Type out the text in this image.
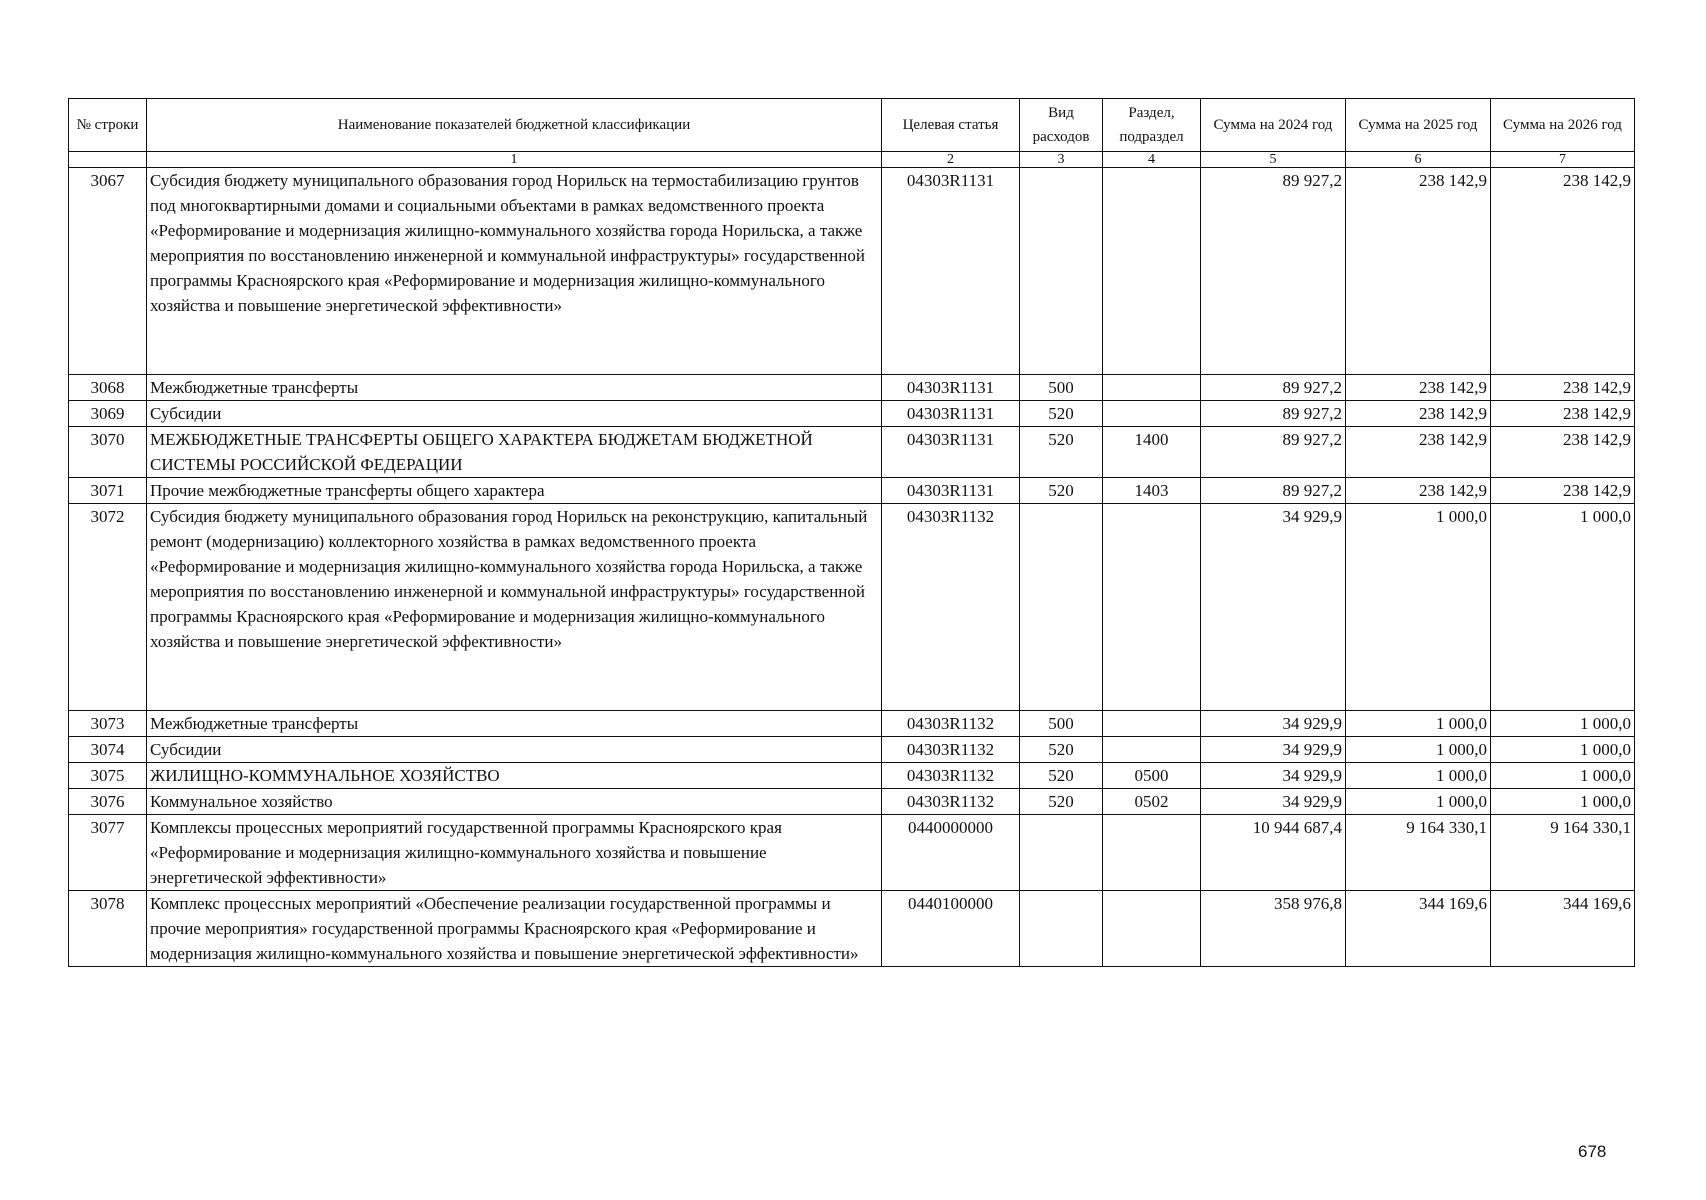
№ строки	Наименование показателей бюджетной классификации	Целевая статья	Вид расходов	Раздел, подраздел	Сумма на 2024 год	Сумма на 2025 год	Сумма на 2026 год
	1	2	3	4	5	6	7
3067	Субсидия бюджету муниципального образования город Норильск на термостабилизацию грунтов под многоквартирными домами и социальными объектами в рамках ведомственного проекта «Реформирование и модернизация жилищно-коммунального хозяйства города Норильска, а также мероприятия по восстановлению инженерной и коммунальной инфраструктуры» государственной программы Красноярского края «Реформирование и модернизация жилищно-коммунального хозяйства и повышение энергетической эффективности»	04303R1131			89 927,2	238 142,9	238 142,9
3068	Межбюджетные трансферты	04303R1131	500		89 927,2	238 142,9	238 142,9
3069	Субсидии	04303R1131	520		89 927,2	238 142,9	238 142,9
3070	МЕЖБЮДЖЕТНЫЕ ТРАНСФЕРТЫ ОБЩЕГО ХАРАКТЕРА БЮДЖЕТАМ БЮДЖЕТНОЙ СИСТЕМЫ РОССИЙСКОЙ ФЕДЕРАЦИИ	04303R1131	520	1400	89 927,2	238 142,9	238 142,9
3071	Прочие межбюджетные трансферты общего характера	04303R1131	520	1403	89 927,2	238 142,9	238 142,9
3072	Субсидия бюджету муниципального образования город Норильск на реконструкцию, капитальный ремонт (модернизацию) коллекторного хозяйства в рамках ведомственного проекта «Реформирование и модернизация жилищно-коммунального хозяйства города Норильска, а также мероприятия по восстановлению инженерной и коммунальной инфраструктуры» государственной программы Красноярского края «Реформирование и модернизация жилищно-коммунального хозяйства и повышение энергетической эффективности»	04303R1132			34 929,9	1 000,0	1 000,0
3073	Межбюджетные трансферты	04303R1132	500		34 929,9	1 000,0	1 000,0
3074	Субсидии	04303R1132	520		34 929,9	1 000,0	1 000,0
3075	ЖИЛИЩНО-КОММУНАЛЬНОЕ ХОЗЯЙСТВО	04303R1132	520	0500	34 929,9	1 000,0	1 000,0
3076	Коммунальное хозяйство	04303R1132	520	0502	34 929,9	1 000,0	1 000,0
3077	Комплексы процессных мероприятий государственной программы Красноярского края «Реформирование и модернизация жилищно-коммунального хозяйства и повышение энергетической эффективности»	0440000000			10 944 687,4	9 164 330,1	9 164 330,1
3078	Комплекс процессных мероприятий «Обеспечение реализации государственной программы и прочие мероприятия» государственной программы Красноярского края «Реформирование и модернизация жилищно-коммунального хозяйства и повышение энергетической эффективности»	0440100000			358 976,8	344 169,6	344 169,6
678
